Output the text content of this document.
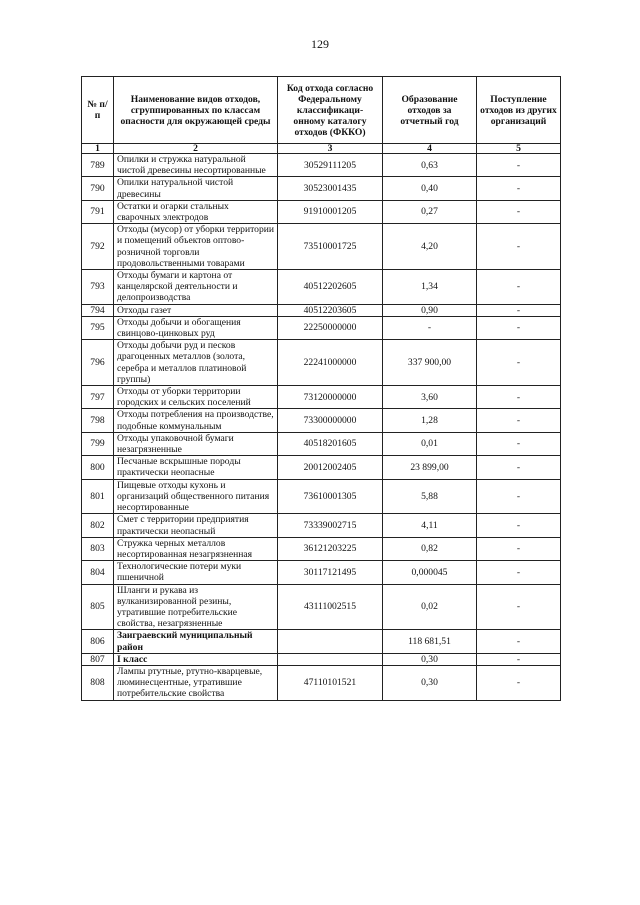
129
№ п/п	Наименование видов отходов, сгруппированных по классам опасности для окружающей среды	Код отхода согласно Федеральному классификаци-онному каталогу отходов (ФККО)	Образование отходов за отчетный год	Поступление отходов из других организаций
1	2	3	4	5
789	Опилки и стружка натуральной чистой древесины несортированные	30529111205	0,63	-
790	Опилки натуральной чистой древесины	30523001435	0,40	-
791	Остатки и огарки стальных сварочных электродов	91910001205	0,27	-
792	Отходы (мусор) от уборки территории и помещений объектов оптово-розничной торговли продовольственными товарами	73510001725	4,20	-
793	Отходы бумаги и картона от канцелярской деятельности и делопроизводства	40512202605	1,34	-
794	Отходы газет	40512203605	0,90	-
795	Отходы добычи и обогащения свинцово-цинковых руд	22250000000	-	-
796	Отходы добычи руд и песков драгоценных металлов (золота, серебра и металлов платиновой группы)	22241000000	337 900,00	-
797	Отходы от уборки территории городских и сельских поселений	73120000000	3,60	-
798	Отходы потребления на производстве, подобные коммунальным	73300000000	1,28	-
799	Отходы упаковочной бумаги незагрязненные	40518201605	0,01	-
800	Песчаные вскрышные породы практически неопасные	20012002405	23 899,00	-
801	Пищевые отходы кухонь и организаций общественного питания несортированные	73610001305	5,88	-
802	Смет с территории предприятия практически неопасный	73339002715	4,11	-
803	Стружка черных металлов несортированная незагрязненная	36121203225	0,82	-
804	Технологические потери муки пшеничной	30117121495	0,000045	-
805	Шланги и рукава из вулканизированной резины, утратившие потребительские свойства, незагрязненные	43111002515	0,02	-
806	Заиграевский муниципальный район		118 681,51	-
807	I класс		0,30	-
808	Лампы ртутные, ртутно-кварцевые, люминесцентные, утратившие потребительские свойства	47110101521	0,30	-
